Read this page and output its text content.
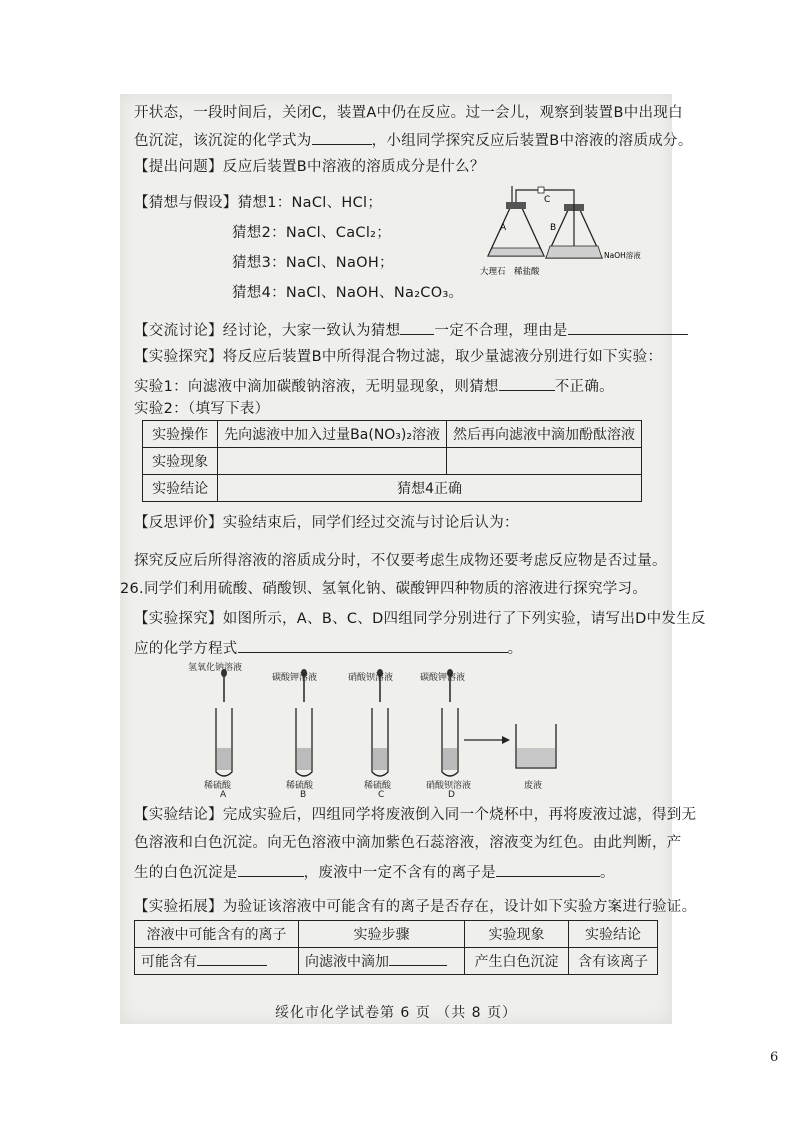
开状态，一段时间后，关闭C，装置A中仍在反应。过一会儿，观察到装置B中出现白
色沉淀，该沉淀的化学式为	，小组同学探究反应后装置B中溶液的溶质成分。
【提出问题】反应后装置B中溶液的溶质成分是什么？
【猜想与假设】猜想1：NaCl、HCl；
猜想2：NaCl、CaCl₂；
猜想3：NaCl、NaOH；
猜想4：NaCl、NaOH、Na₂CO₃。
A	B
C
大理石 稀盐酸
NaOH溶液
【交流讨论】经讨论，大家一致认为猜想 一定不合理，理由是
【实验探究】将反应后装置B中所得混合物过滤，取少量滤液分别进行如下实验：
实验1：向滤液中滴加碳酸钠溶液，无明显现象，则猜想	不正确。
实验2：（填写下表）
实验操作	先向滤液中加入过量Ba(NO₃)₂溶液	然后再向滤液中滴加酚酞溶液
实验现象		
实验结论	猜想4正确	
【反思评价】实验结束后，同学们经过交流与讨论后认为：
探究反应后所得溶液的溶质成分时，不仅要考虑生成物还要考虑反应物是否过量。
26.同学们利用硫酸、硝酸钡、氢氧化钠、碳酸钾四种物质的溶液进行探究学习。
【实验探究】如图所示，A、B、C、D四组同学分别进行了下列实验，请写出D中发生反
应的化学方程式	。
氢氧化钠溶液
碳酸钾溶液	硝酸钡溶液	碳酸钾溶液
稀硫酸	稀硫酸	稀硫酸	硝酸钡溶液
A	B	C	D
废液
【实验结论】完成实验后，四组同学将废液倒入同一个烧杯中，再将废液过滤，得到无
色溶液和白色沉淀。向无色溶液中滴加紫色石蕊溶液，溶液变为红色。由此判断，产
生的白色沉淀是	，废液中一定不含有的离子是	。
【实验拓展】为验证该溶液中可能含有的离子是否存在，设计如下实验方案进行验证。
溶液中可能含有的离子	实验步骤	实验现象	实验结论
可能含有	向滤液中滴加	产生白色沉淀	含有该离子
绥化市化学试卷第 6 页 （共 8 页）
6
